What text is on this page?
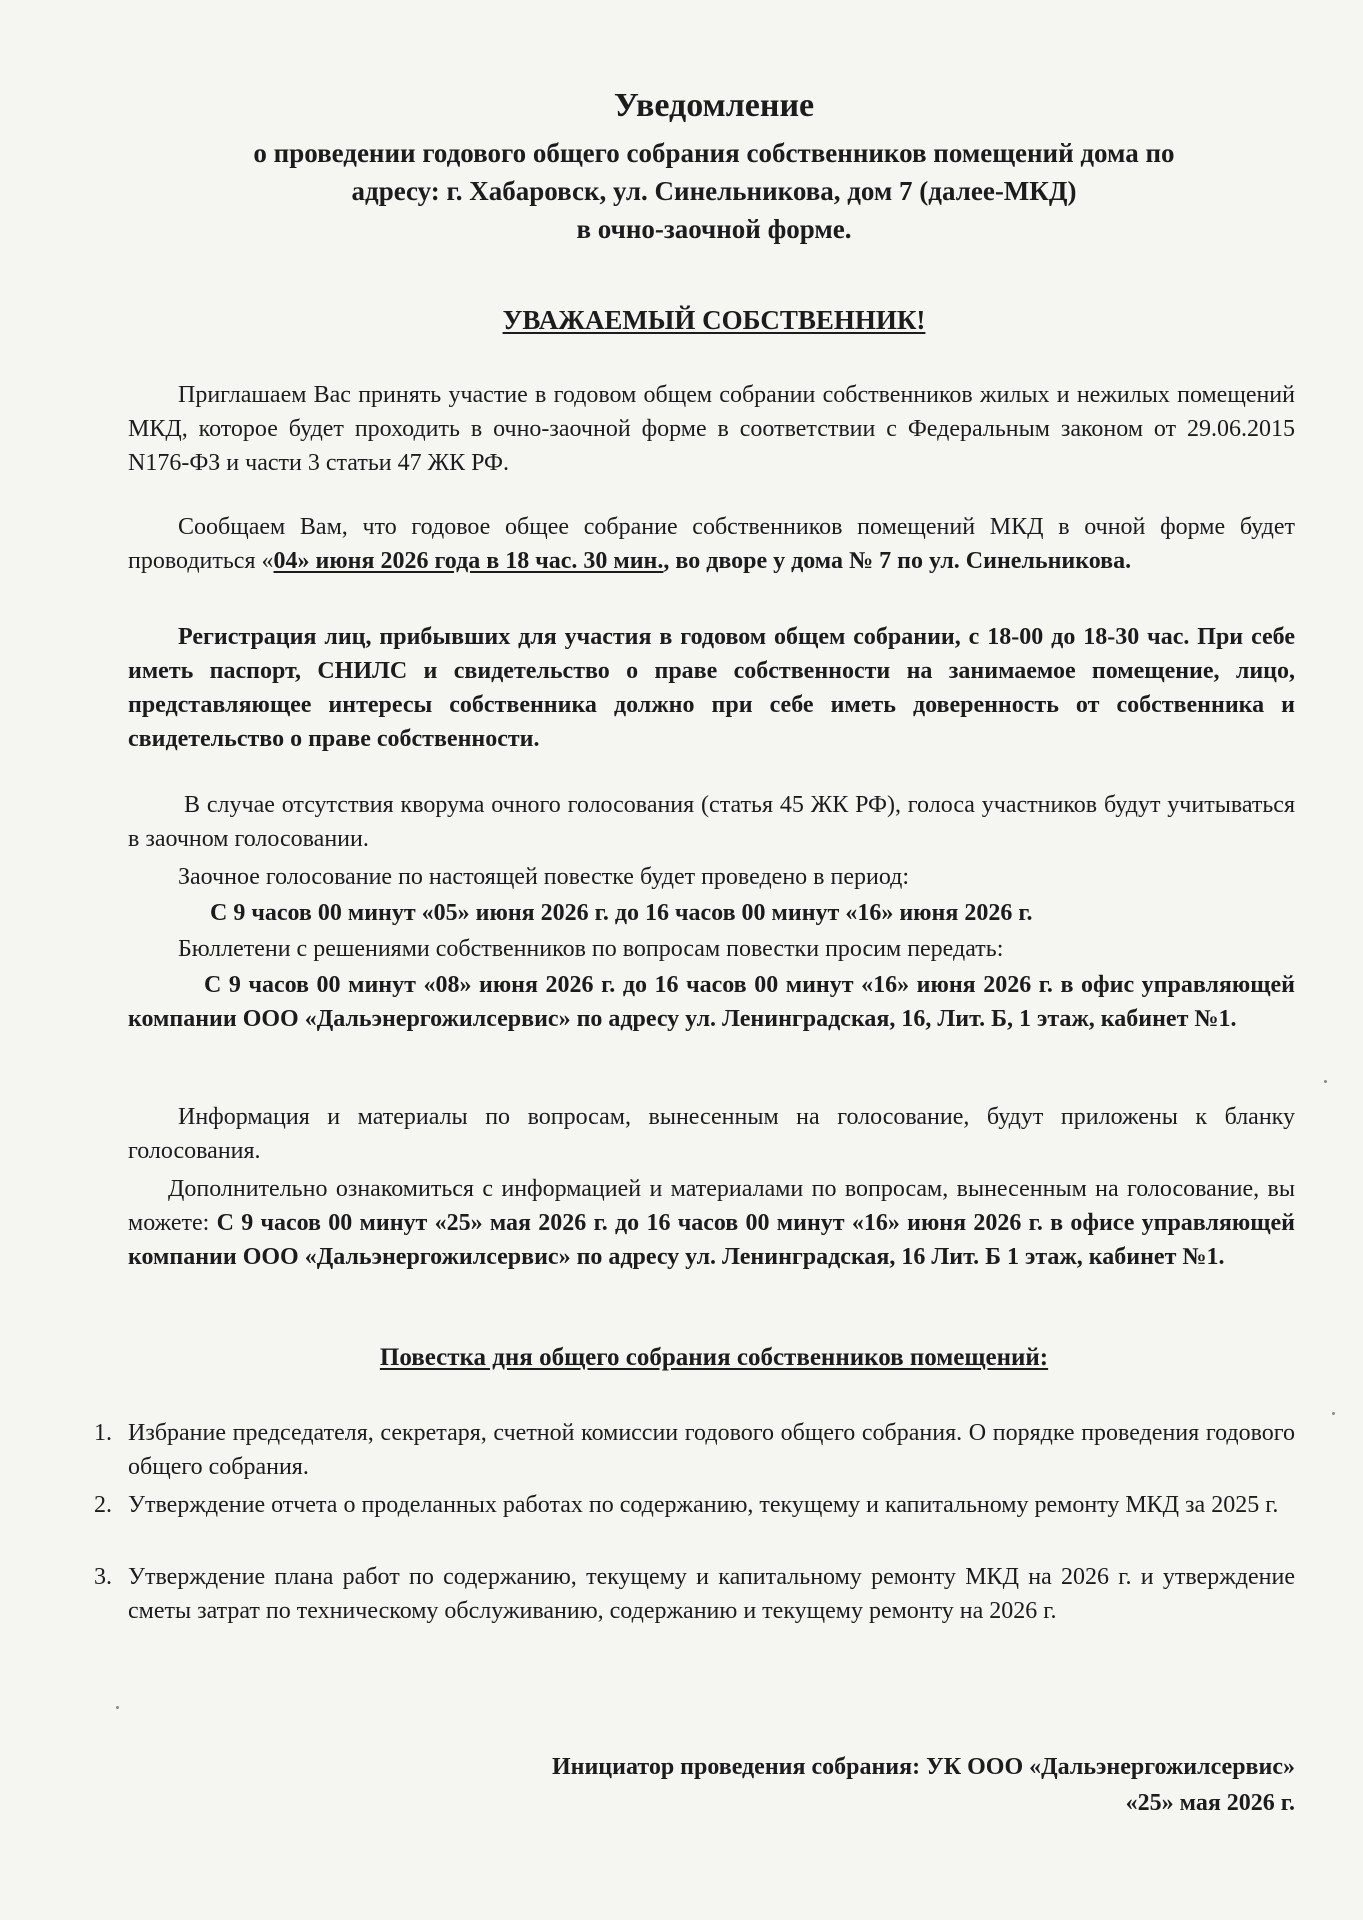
Уведомление
о проведении годового общего собрания собственников помещений дома по
адресу: г. Хабаровск, ул. Синельникова, дом 7 (далее-МКД)
в очно-заочной форме.
УВАЖАЕМЫЙ СОБСТВЕННИК!
Приглашаем Вас принять участие в годовом общем собрании собственников жилых и нежилых помещений МКД, которое будет проходить в очно-заочной форме в соответствии с Федеральным законом от 29.06.2015 N176-ФЗ и части 3 статьи 47 ЖК РФ.
Сообщаем Вам, что годовое общее собрание собственников помещений МКД в очной форме будет проводиться «04» июня 2026 года в 18 час. 30 мин., во дворе у дома № 7 по ул. Синельникова.
Регистрация лиц, прибывших для участия в годовом общем собрании, с 18-00 до 18-30 час. При себе иметь паспорт, СНИЛС и свидетельство о праве собственности на занимаемое помещение, лицо, представляющее интересы собственника должно при себе иметь доверенность от собственника и свидетельство о праве собственности.
В случае отсутствия кворума очного голосования (статья 45 ЖК РФ), голоса участников будут учитываться в заочном голосовании.
Заочное голосование по настоящей повестке будет проведено в период:
С 9 часов 00 минут «05» июня 2026 г. до 16 часов 00 минут «16» июня 2026 г.
Бюллетени с решениями собственников по вопросам повестки просим передать:
С 9 часов 00 минут «08» июня 2026 г. до 16 часов 00 минут «16» июня 2026 г. в офис управляющей компании ООО «Дальэнергожилсервис» по адресу ул. Ленинградская, 16, Лит. Б, 1 этаж, кабинет №1.
Информация и материалы по вопросам, вынесенным на голосование, будут приложены к бланку голосования.
Дополнительно ознакомиться с информацией и материалами по вопросам, вынесенным на голосование, вы можете: С 9 часов 00 минут «25» мая 2026 г. до 16 часов 00 минут «16» июня 2026 г. в офисе управляющей компании ООО «Дальэнергожилсервис» по адресу ул. Ленинградская, 16 Лит. Б 1 этаж, кабинет №1.
Повестка дня общего собрания собственников помещений:
1. Избрание председателя, секретаря, счетной комиссии годового общего собрания. О порядке проведения годового общего собрания.
2. Утверждение отчета о проделанных работах по содержанию, текущему и капитальному ремонту МКД за 2025 г.
3. Утверждение плана работ по содержанию, текущему и капитальному ремонту МКД на 2026 г. и утверждение сметы затрат по техническому обслуживанию, содержанию и текущему ремонту на 2026 г.
Инициатор проведения собрания: УК ООО «Дальэнергожилсервис»
«25» мая 2026 г.
